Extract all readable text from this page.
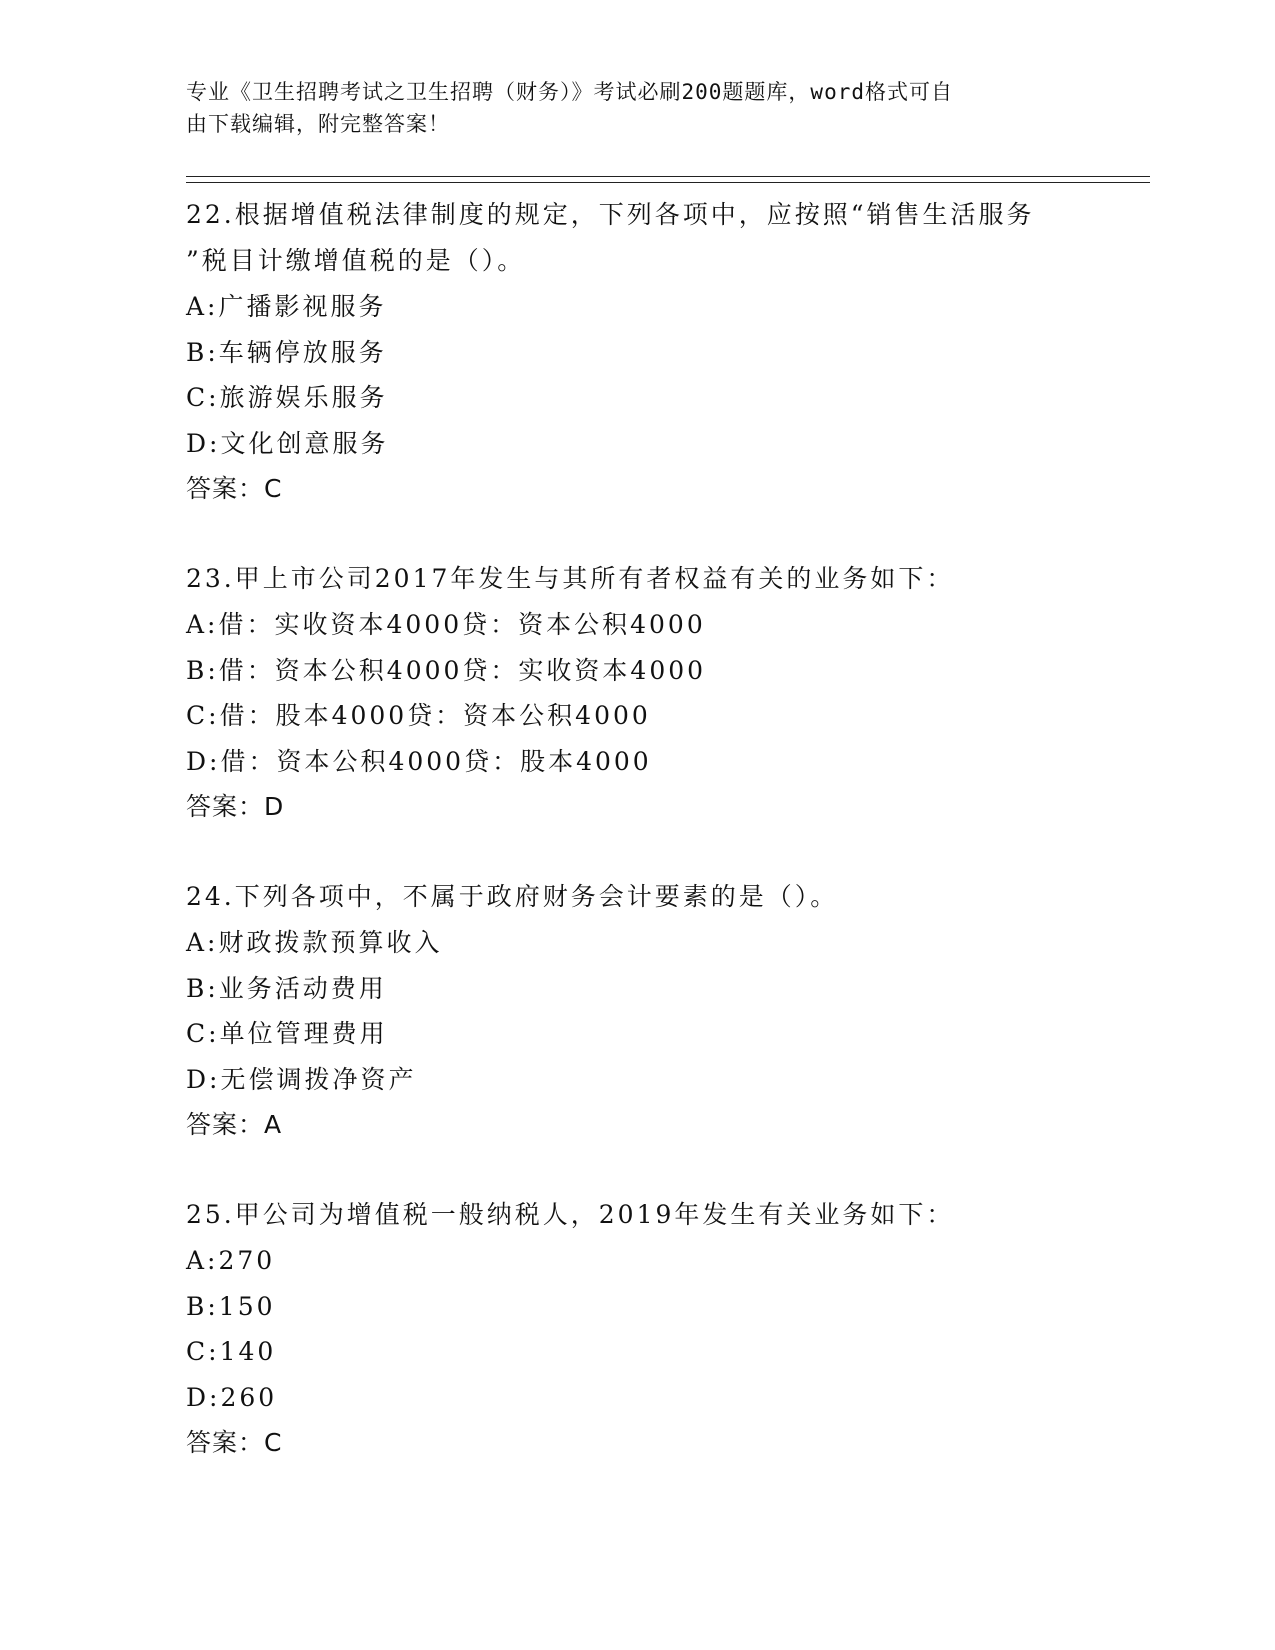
专业《卫生招聘考试之卫生招聘（财务）》考试必刷200题题库，word格式可自
由下载编辑，附完整答案！
22.根据增值税法律制度的规定，下列各项中，应按照“销售生活服务
”税目计缴增值税的是（）。
A:广播影视服务
B:车辆停放服务
C:旅游娱乐服务
D:文化创意服务
答案：C
23.甲上市公司2017年发生与其所有者权益有关的业务如下：
A:借：实收资本4000贷：资本公积4000
B:借：资本公积4000贷：实收资本4000
C:借：股本4000贷：资本公积4000
D:借：资本公积4000贷：股本4000
答案：D
24.下列各项中，不属于政府财务会计要素的是（）。
A:财政拨款预算收入
B:业务活动费用
C:单位管理费用
D:无偿调拨净资产
答案：A
25.甲公司为增值税一般纳税人，2019年发生有关业务如下：
A:270
B:150
C:140
D:260
答案：C
